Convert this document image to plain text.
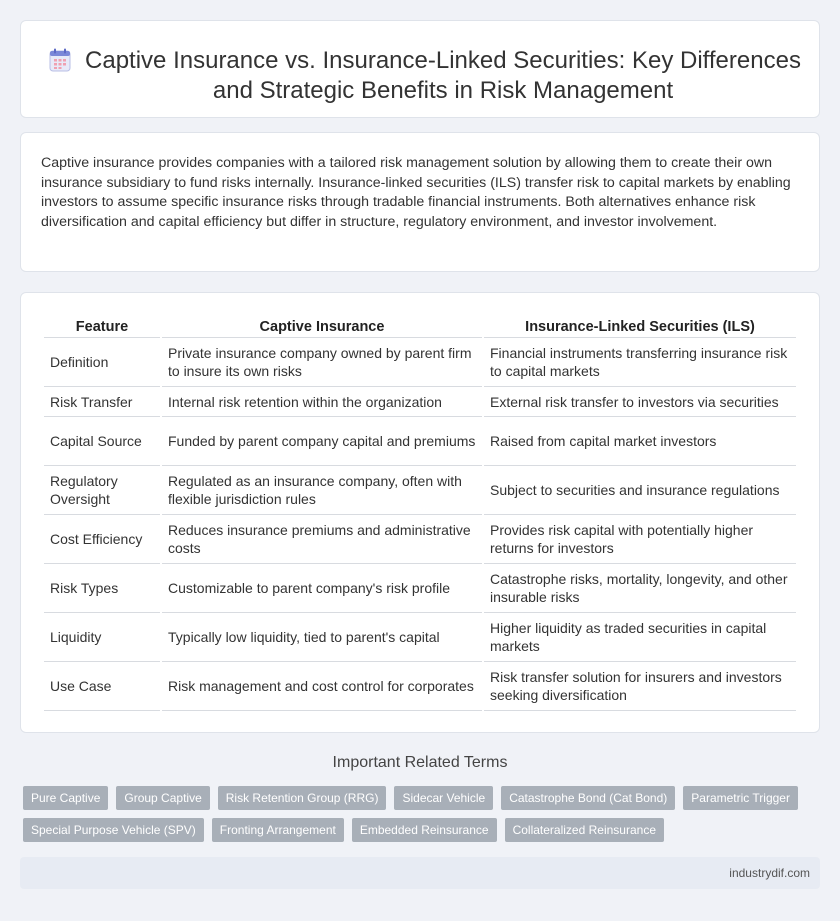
Captive Insurance vs. Insurance-Linked Securities: Key Differences and Strategic Benefits in Risk Management

Captive insurance provides companies with a tailored risk management solution by allowing them to create their own insurance subsidiary to fund risks internally. Insurance-linked securities (ILS) transfer risk to capital markets by enabling investors to assume specific insurance risks through tradable financial instruments. Both alternatives enhance risk diversification and capital efficiency but differ in structure, regulatory environment, and investor involvement.

Feature	Captive Insurance	Insurance-Linked Securities (ILS)
Definition	Private insurance company owned by parent firm to insure its own risks	Financial instruments transferring insurance risk to capital markets
Risk Transfer	Internal risk retention within the organization	External risk transfer to investors via securities
Capital Source	Funded by parent company capital and premiums	Raised from capital market investors
Regulatory Oversight	Regulated as an insurance company, often with flexible jurisdiction rules	Subject to securities and insurance regulations
Cost Efficiency	Reduces insurance premiums and administrative costs	Provides risk capital with potentially higher returns for investors
Risk Types	Customizable to parent company's risk profile	Catastrophe risks, mortality, longevity, and other insurable risks
Liquidity	Typically low liquidity, tied to parent's capital	Higher liquidity as traded securities in capital markets
Use Case	Risk management and cost control for corporates	Risk transfer solution for insurers and investors seeking diversification
Important Related Terms
Pure Captive	Group Captive	Risk Retention Group (RRG)	Sidecar Vehicle	Catastrophe Bond (Cat Bond)	Parametric Trigger
Special Purpose Vehicle (SPV)	Fronting Arrangement	Embedded Reinsurance	Collateralized Reinsurance
industrydif.com
